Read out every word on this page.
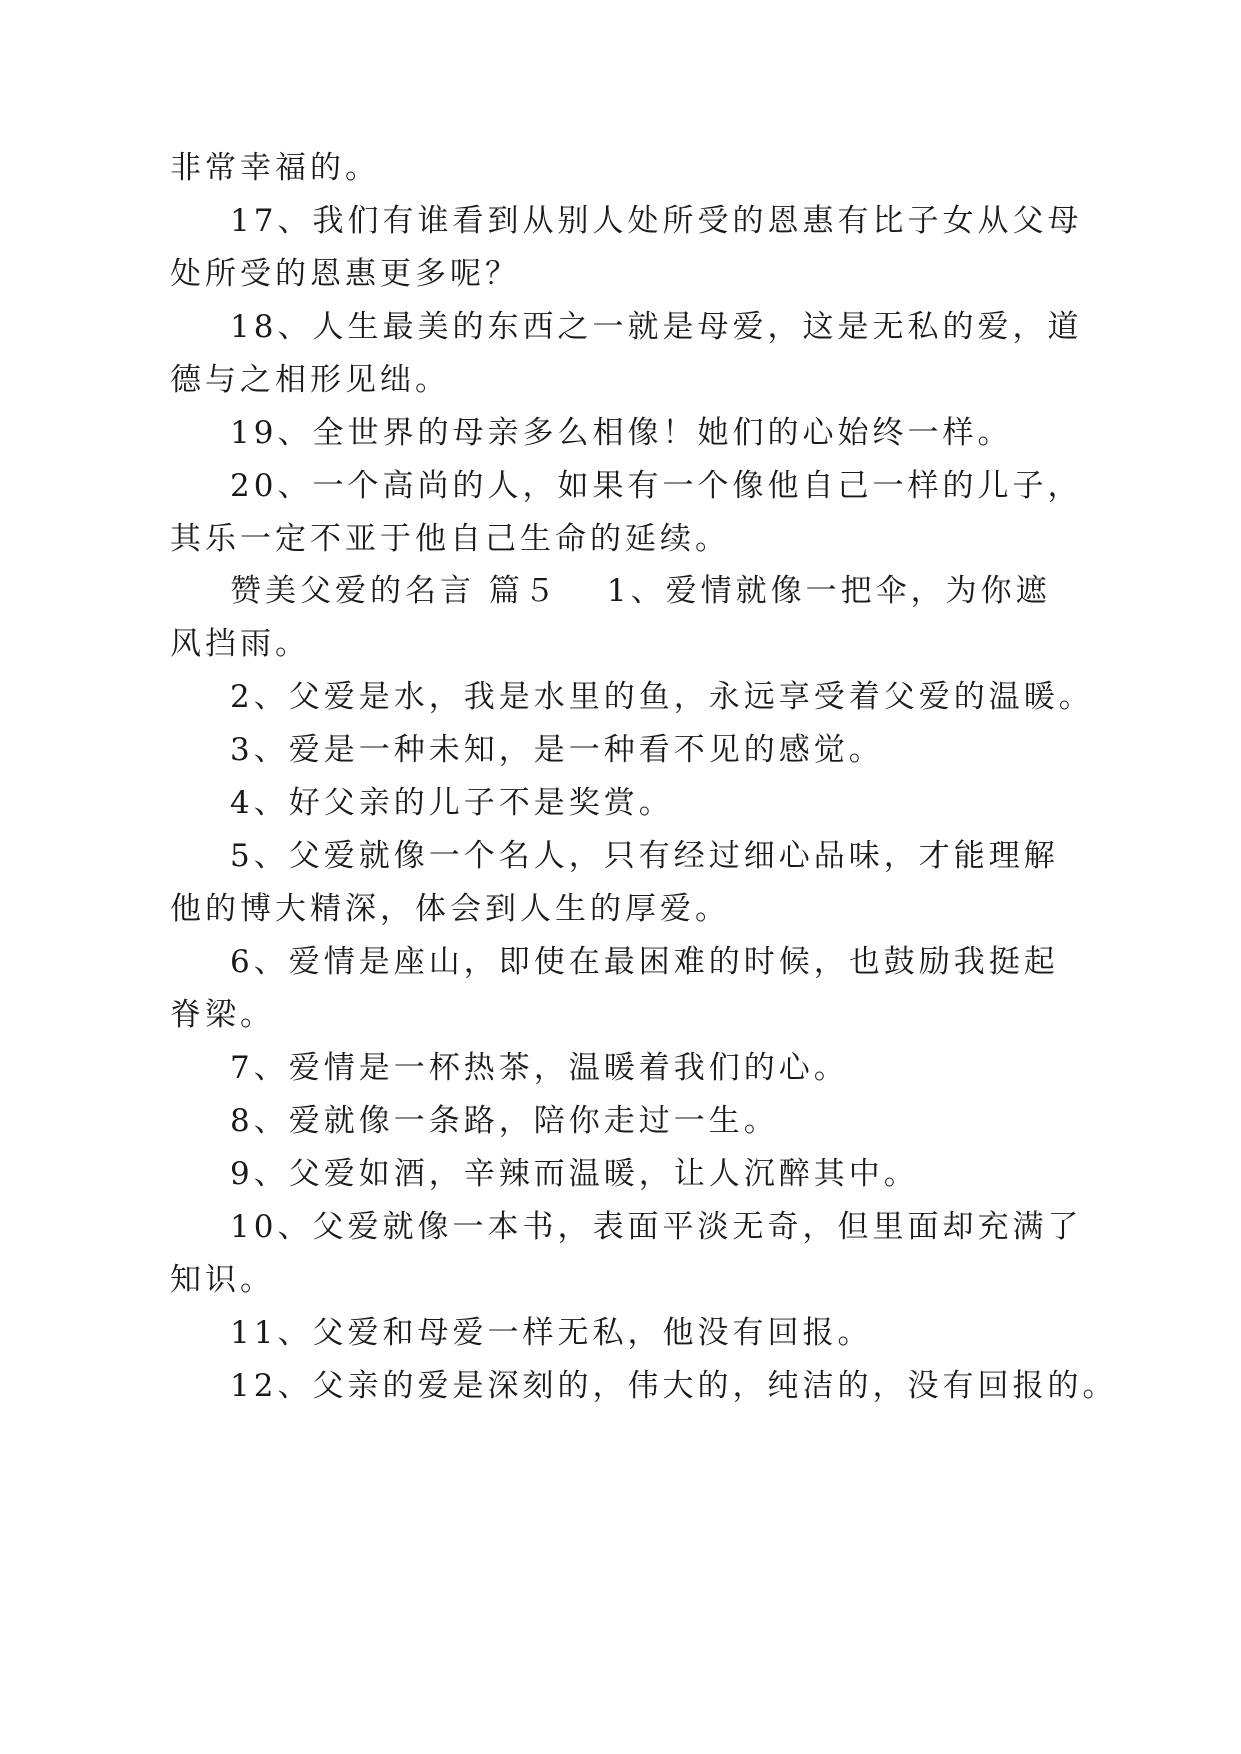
非常幸福的。
17、我们有谁看到从别人处所受的恩惠有比子女从父母
处所受的恩惠更多呢？
18、人生最美的东西之一就是母爱，这是无私的爱，道
德与之相形见绌。
19、全世界的母亲多么相像！她们的心始终一样。
20、一个高尚的人，如果有一个像他自己一样的儿子，
其乐一定不亚于他自己生命的延续。
赞美父爱的名言 篇５ 1、爱情就像一把伞，为你遮
风挡雨。
2、父爱是水，我是水里的鱼，永远享受着父爱的温暖。
3、爱是一种未知，是一种看不见的感觉。
4、好父亲的儿子不是奖赏。
5、父爱就像一个名人，只有经过细心品味，才能理解
他的博大精深，体会到人生的厚爱。
6、爱情是座山，即使在最困难的时候，也鼓励我挺起
脊梁。
7、爱情是一杯热茶，温暖着我们的心。
8、爱就像一条路，陪你走过一生。
9、父爱如酒，辛辣而温暖，让人沉醉其中。
10、父爱就像一本书，表面平淡无奇，但里面却充满了
知识。
11、父爱和母爱一样无私，他没有回报。
12、父亲的爱是深刻的，伟大的，纯洁的，没有回报的。
